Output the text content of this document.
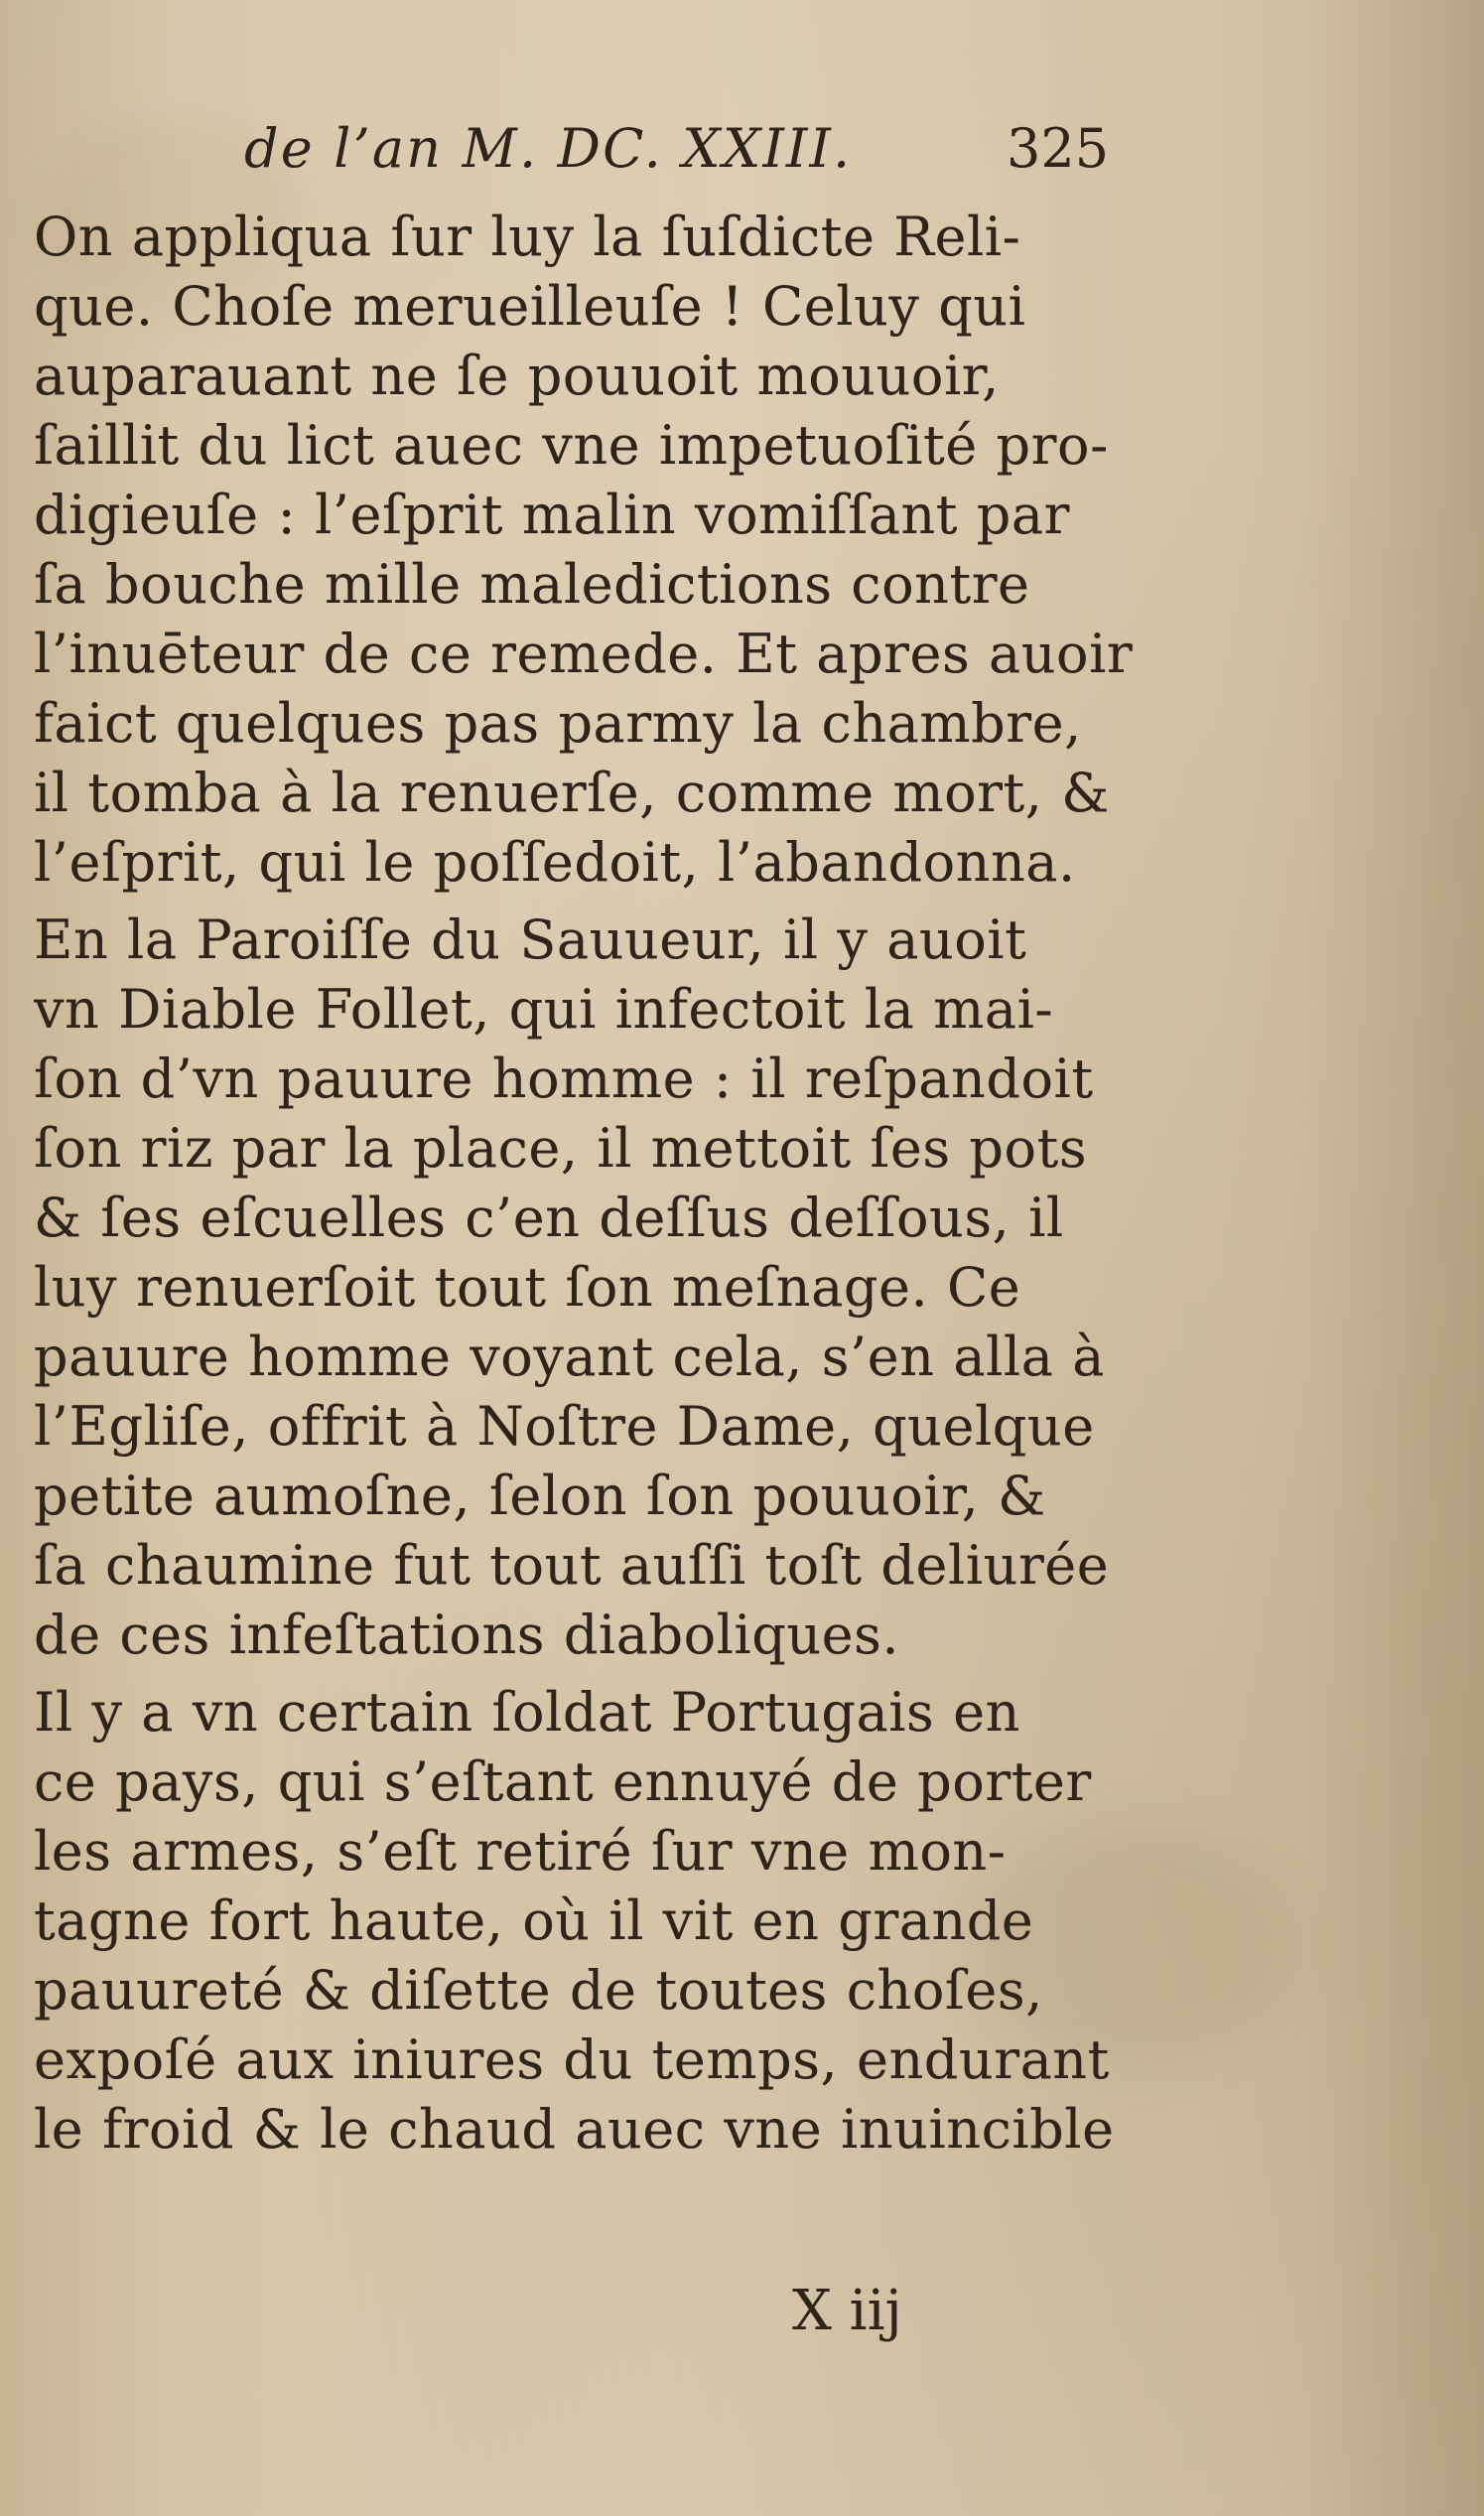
de l’an M. DC. XXIII.	325
On appliqua ſur luy la ſuſdicte Reli-
que. Choſe merueilleuſe ! Celuy qui
auparauant ne ſe pouuoit mouuoir,
ſaillit du lict auec vne impetuoſité pro-
digieuſe : l’eſprit malin vomiſſant par
ſa bouche mille maledictions contre
l’inuēteur de ce remede. Et apres auoir
faict quelques pas parmy la chambre,
il tomba à la renuerſe, comme mort, &
l’eſprit, qui le poſſedoit, l’abandonna.
En la Paroiſſe du Sauueur, il y auoit
vn Diable Follet, qui infectoit la mai-
ſon d’vn pauure homme : il reſpandoit
ſon riz par la place, il mettoit ſes pots
& ſes eſcuelles c’en deſſus deſſous, il
luy renuerſoit tout ſon meſnage. Ce
pauure homme voyant cela, s’en alla à
l’Egliſe, offrit à Noſtre Dame, quelque
petite aumoſne, ſelon ſon pouuoir, &
ſa chaumine fut tout auſſi toſt deliurée
de ces infeſtations diaboliques.
Il y a vn certain ſoldat Portugais en
ce pays, qui s’eſtant ennuyé de porter
les armes, s’eſt retiré ſur vne mon-
tagne fort haute, où il vit en grande
pauureté & diſette de toutes choſes,
expoſé aux iniures du temps, endurant
le froid & le chaud auec vne inuincible
X iij
